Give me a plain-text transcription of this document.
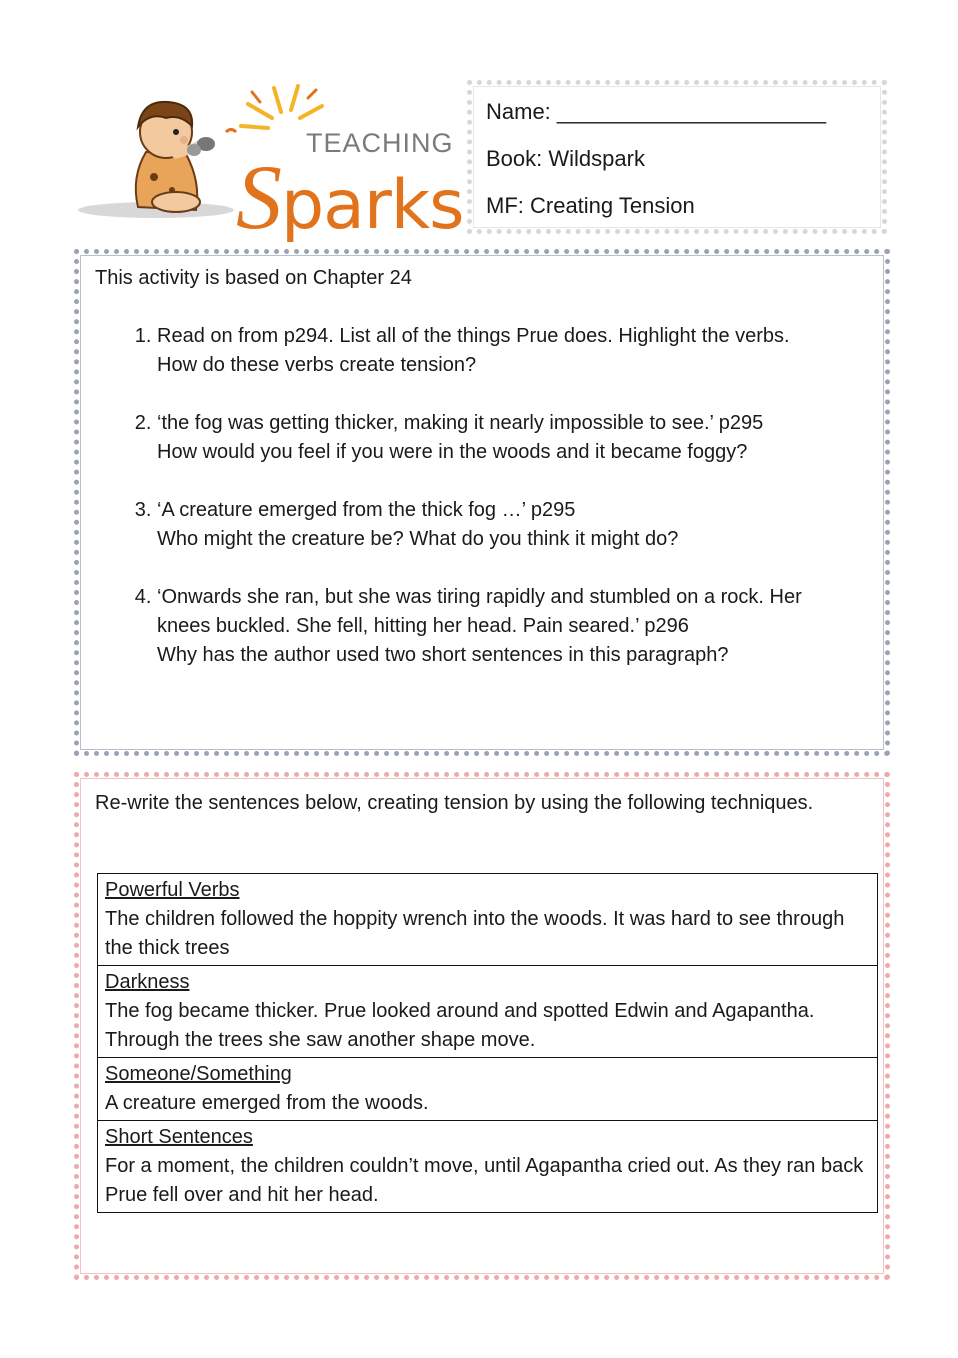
TEACHING
Sparks
Name: ______________________
Book: Wildspark
MF: Creating Tension

This activity is based on Chapter 24

1. Read on from p294. List all of the things Prue does. Highlight the verbs.
How do these verbs create tension?
2. ‘the fog was getting thicker, making it nearly impossible to see.’ p295
How would you feel if you were in the woods and it became foggy?
3. ‘A creature emerged from the thick fog …’ p295
Who might the creature be? What do you think it might do?
4. ‘Onwards she ran, but she was tiring rapidly and stumbled on a rock. Her
knees buckled. She fell, hitting her head. Pain seared.’ p296
Why has the author used two short sentences in this paragraph?

Re-write the sentences below, creating tension by using the following techniques.

Powerful Verbs
The children followed the hoppity wrench into the woods. It was hard to see through the thick trees

Darkness
The fog became thicker. Prue looked around and spotted Edwin and Agapantha. Through the trees she saw another shape move.

Someone/Something
A creature emerged from the woods.

Short Sentences
For a moment, the children couldn’t move, until Agapantha cried out. As they ran back Prue fell over and hit her head.
